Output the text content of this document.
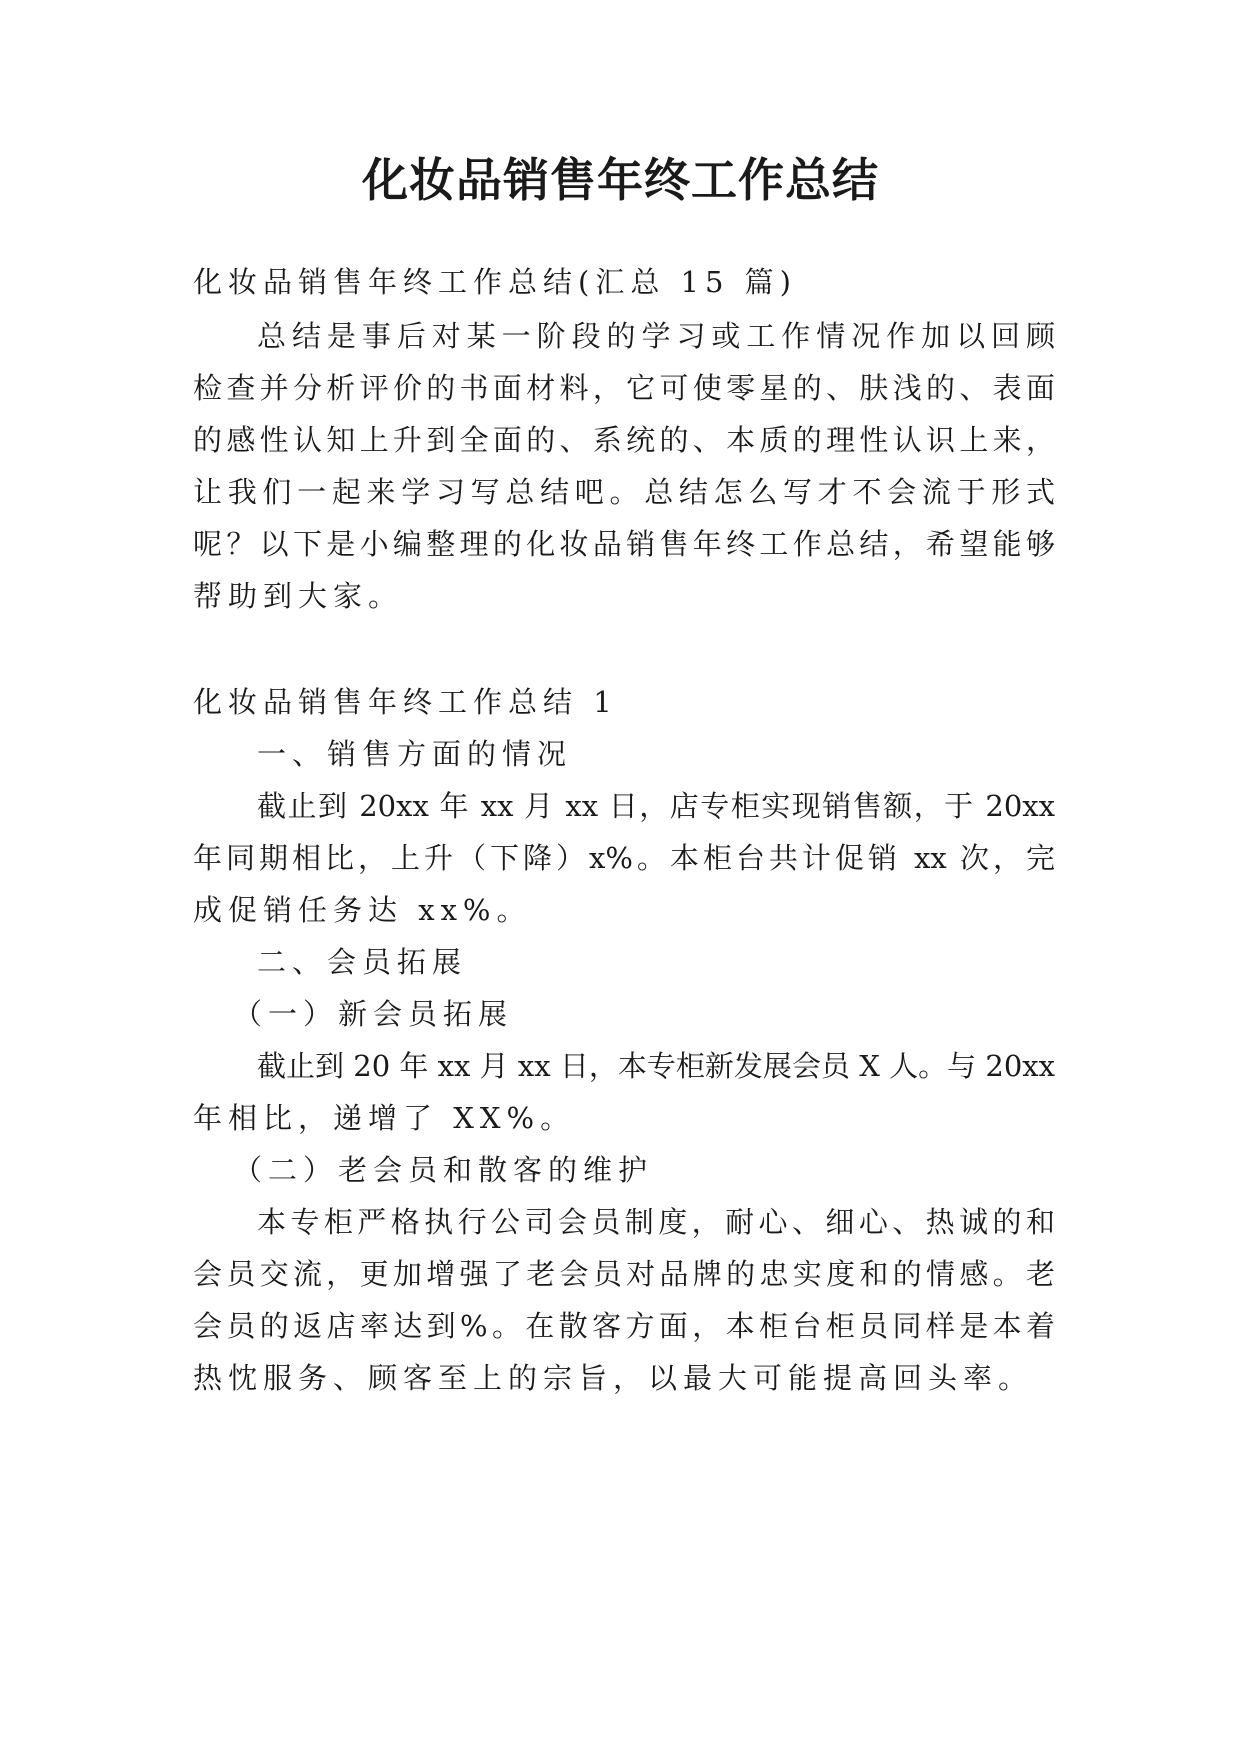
化妆品销售年终工作总结
化妆品销售年终工作总结(汇总 15 篇)
总结是事后对某一阶段的学习或工作情况作加以回顾
检查并分析评价的书面材料，它可使零星的、肤浅的、表面
的感性认知上升到全面的、系统的、本质的理性认识上来，
让我们一起来学习写总结吧。总结怎么写才不会流于形式
呢？以下是小编整理的化妆品销售年终工作总结，希望能够
帮助到大家。
化妆品销售年终工作总结 1
一、销售方面的情况
截止到 20xx 年 xx 月 xx 日，店专柜实现销售额，于 20xx
年同期相比，上升（下降）x%。本柜台共计促销 xx 次，完
成促销任务达 xx%。
二、会员拓展
（一）新会员拓展
截止到 20 年 xx 月 xx 日，本专柜新发展会员 X 人。与 20xx
年相比，递增了 XX%。
（二）老会员和散客的维护
本专柜严格执行公司会员制度，耐心、细心、热诚的和
会员交流，更加增强了老会员对品牌的忠实度和的情感。老
会员的返店率达到%。在散客方面，本柜台柜员同样是本着
热忱服务、顾客至上的宗旨，以最大可能提高回头率。
